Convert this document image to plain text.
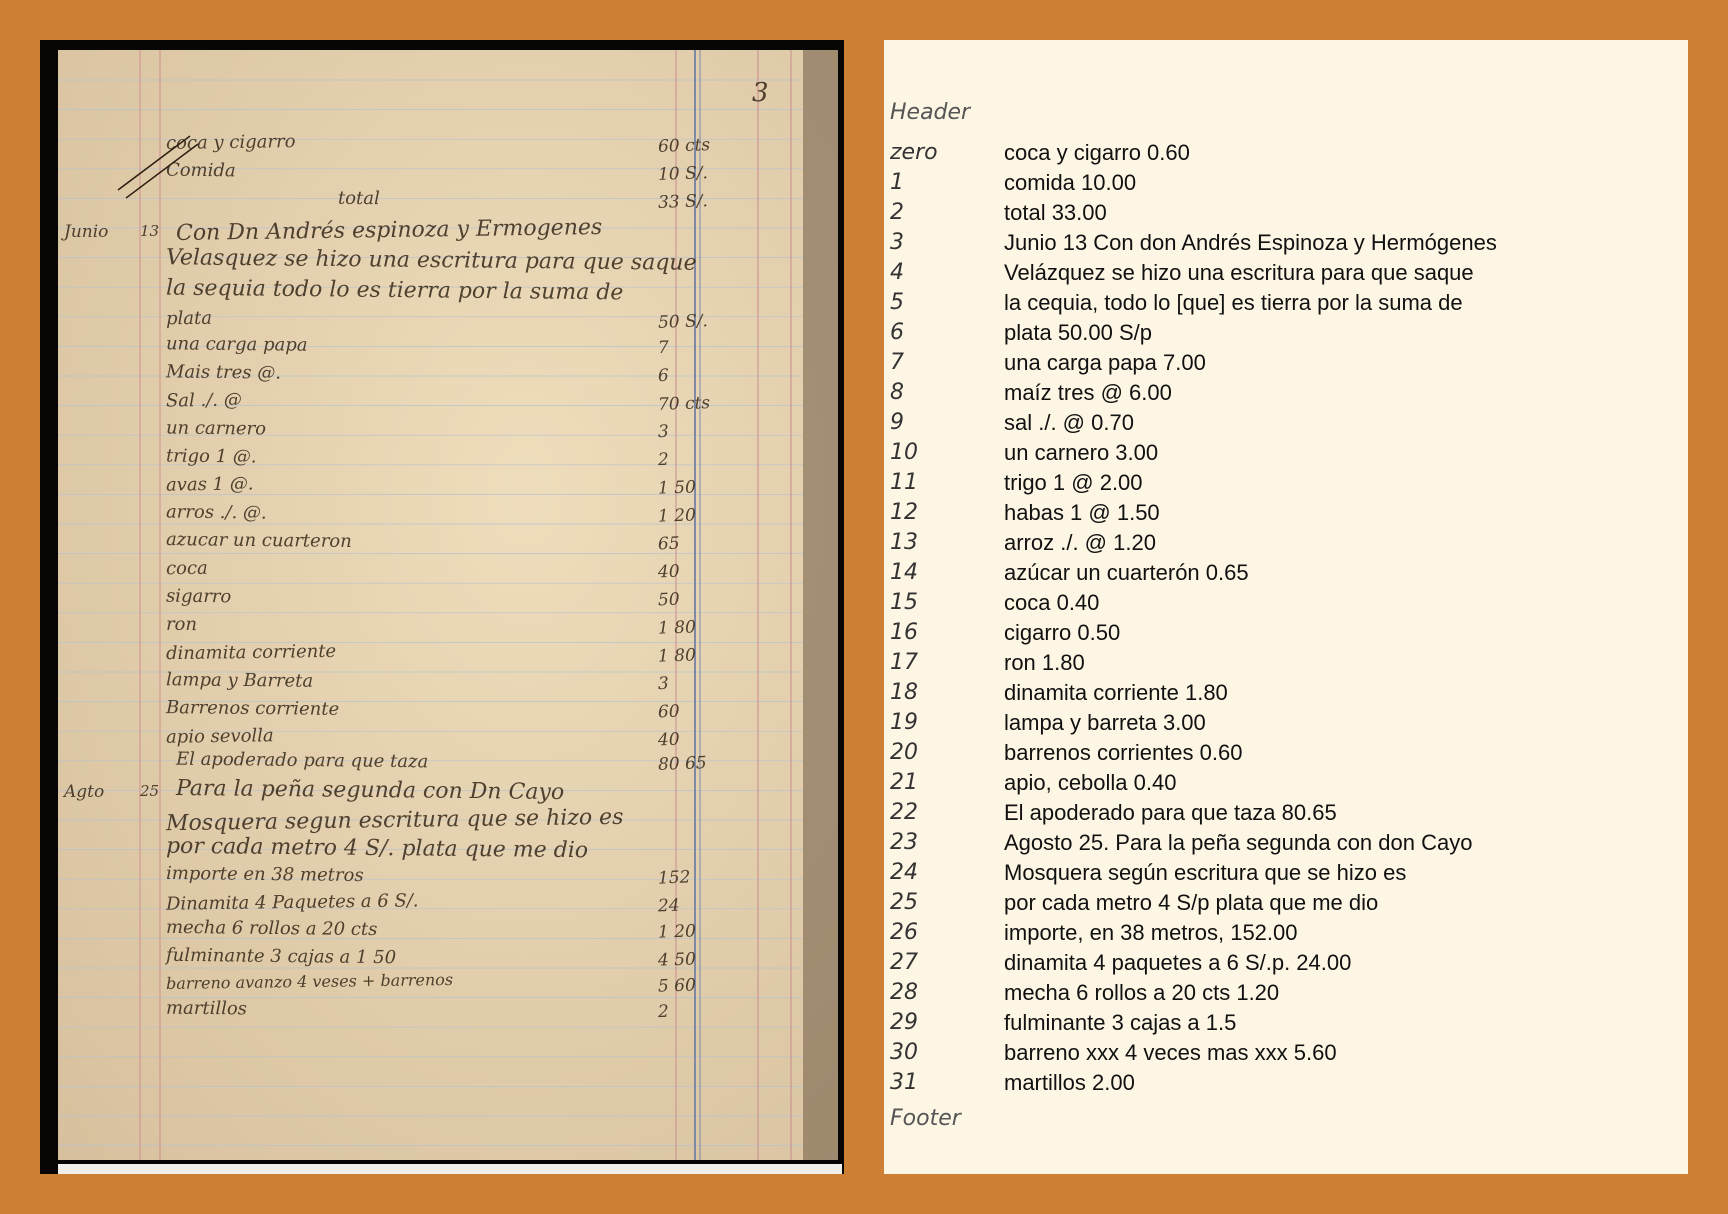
3
coca y cigarro	60 cts
Comida	10 S/.
total	33 S/.
Con Dn Andrés espinoza y Ermogenes
Junio 13
Velasquez se hizo una escritura para que saque
la sequia todo lo es tierra por la suma de
plata	50 S/.
una carga papa	7
Mais tres @.	6
Sal ./. @	70 cts
un carnero	3
trigo 1 @.	2
avas 1 @.	1 50
arros ./. @.	1 20
azucar un cuarteron	65
coca	40
sigarro	50
ron	1 80
dinamita corriente	1 80
lampa y Barreta	3
Barrenos corriente	60
apio sevolla	40
El apoderado para que taza	80 65
Para la peña segunda con Dn Cayo
Agto 25
Mosquera segun escritura que se hizo es
por cada metro 4 S/. plata que me dio
importe en 38 metros	152
Dinamita 4 Paquetes a 6 S/.	24
mecha 6 rollos a 20 cts	1 20
fulminante 3 cajas a 1 50	4 50
barreno avanzo 4 veses + barrenos	5 60
martillos	2
Header
zero	coca y cigarro 0.60
1	comida 10.00
2	total 33.00
3	Junio 13 Con don Andrés Espinoza y Hermógenes
4	Velázquez se hizo una escritura para que saque
5	la cequia, todo lo [que] es tierra por la suma de
6	plata 50.00 S/p
7	una carga papa 7.00
8	maíz tres @ 6.00
9	sal ./. @ 0.70
10	un carnero 3.00
11	trigo 1 @ 2.00
12	habas 1 @ 1.50
13	arroz ./. @ 1.20
14	azúcar un cuarterón 0.65
15	coca 0.40
16	cigarro 0.50
17	ron 1.80
18	dinamita corriente 1.80
19	lampa y barreta 3.00
20	barrenos corrientes 0.60
21	apio, cebolla 0.40
22	El apoderado para que taza 80.65
23	Agosto 25. Para la peña segunda con don Cayo
24	Mosquera según escritura que se hizo es
25	por cada metro 4 S/p plata que me dio
26	importe, en 38 metros, 152.00
27	dinamita 4 paquetes a 6 S/.p. 24.00
28	mecha 6 rollos a 20 cts 1.20
29	fulminante 3 cajas a 1.5
30	barreno xxx 4 veces mas xxx 5.60
31	martillos 2.00
Footer
